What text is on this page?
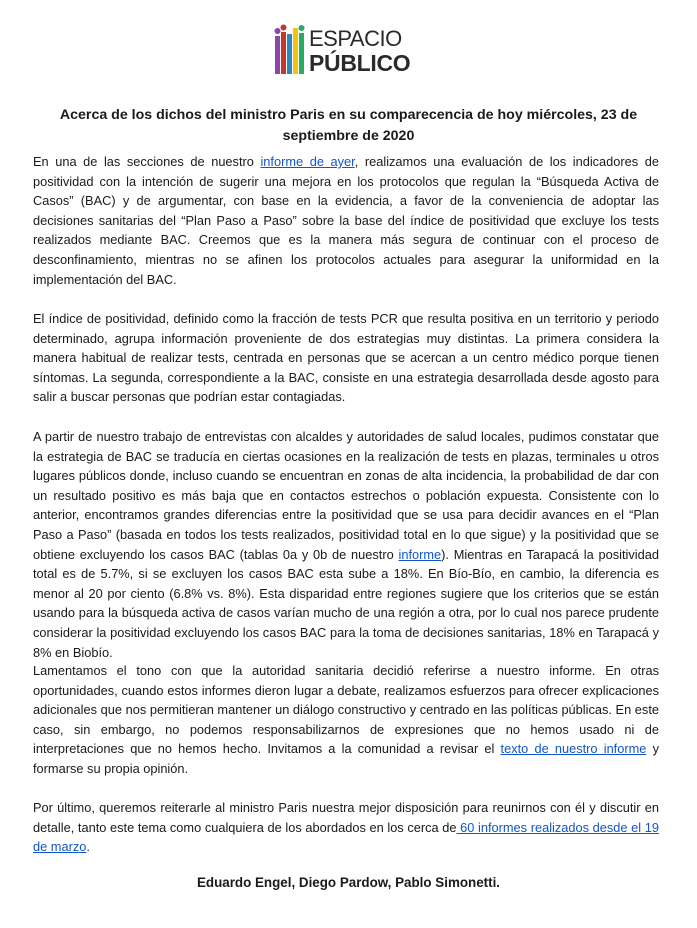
ESPACIO
PÚBLICO
Acerca de los dichos del ministro Paris en su comparecencia de hoy miércoles, 23 de septiembre de 2020

En una de las secciones de nuestro informe de ayer, realizamos una evaluación de los indicadores de positividad con la intención de sugerir una mejora en los protocolos que regulan la “Búsqueda Activa de Casos” (BAC) y de argumentar, con base en la evidencia, a favor de la conveniencia de adoptar las decisiones sanitarias del “Plan Paso a Paso” sobre la base del índice de positividad que excluye los tests realizados mediante BAC. Creemos que es la manera más segura de continuar con el proceso de desconfinamiento, mientras no se afinen los protocolos actuales para asegurar la uniformidad en la implementación del BAC.

El índice de positividad, definido como la fracción de tests PCR que resulta positiva en un territorio y periodo determinado, agrupa información proveniente de dos estrategias muy distintas. La primera considera la manera habitual de realizar tests, centrada en personas que se acercan a un centro médico porque tienen síntomas. La segunda, correspondiente a la BAC, consiste en una estrategia desarrollada desde agosto para salir a buscar personas que podrían estar contagiadas.

A partir de nuestro trabajo de entrevistas con alcaldes y autoridades de salud locales, pudimos constatar que la estrategia de BAC se traducía en ciertas ocasiones en la realización de tests en plazas, terminales u otros lugares públicos donde, incluso cuando se encuentran en zonas de alta incidencia, la probabilidad de dar con un resultado positivo es más baja que en contactos estrechos o población expuesta. Consistente con lo anterior, encontramos grandes diferencias entre la positividad que se usa para decidir avances en el “Plan Paso a Paso” (basada en todos los tests realizados, positividad total en lo que sigue) y la positividad que se obtiene excluyendo los casos BAC (tablas 0a y 0b de nuestro informe). Mientras en Tarapacá la positividad total es de 5.7%, si se excluyen los casos BAC esta sube a 18%. En Bío-Bío, en cambio, la diferencia es menor al 20 por ciento (6.8% vs. 8%). Esta disparidad entre regiones sugiere que los criterios que se están usando para la búsqueda activa de casos varían mucho de una región a otra, por lo cual nos parece prudente considerar la positividad excluyendo los casos BAC para la toma de decisiones sanitarias, 18% en Tarapacá y 8% en Biobío.

Lamentamos el tono con que la autoridad sanitaria decidió referirse a nuestro informe. En otras oportunidades, cuando estos informes dieron lugar a debate, realizamos esfuerzos para ofrecer explicaciones adicionales que nos permitieran mantener un diálogo constructivo y centrado en las políticas públicas. En este caso, sin embargo, no podemos responsabilizarnos de expresiones que no hemos usado ni de interpretaciones que no hemos hecho. Invitamos a la comunidad a revisar el texto de nuestro informe y formarse su propia opinión.

Por último, queremos reiterarle al ministro Paris nuestra mejor disposición para reunirnos con él y discutir en detalle, tanto este tema como cualquiera de los abordados en los cerca de 60 informes realizados desde el 19 de marzo.

Eduardo Engel, Diego Pardow, Pablo Simonetti.
